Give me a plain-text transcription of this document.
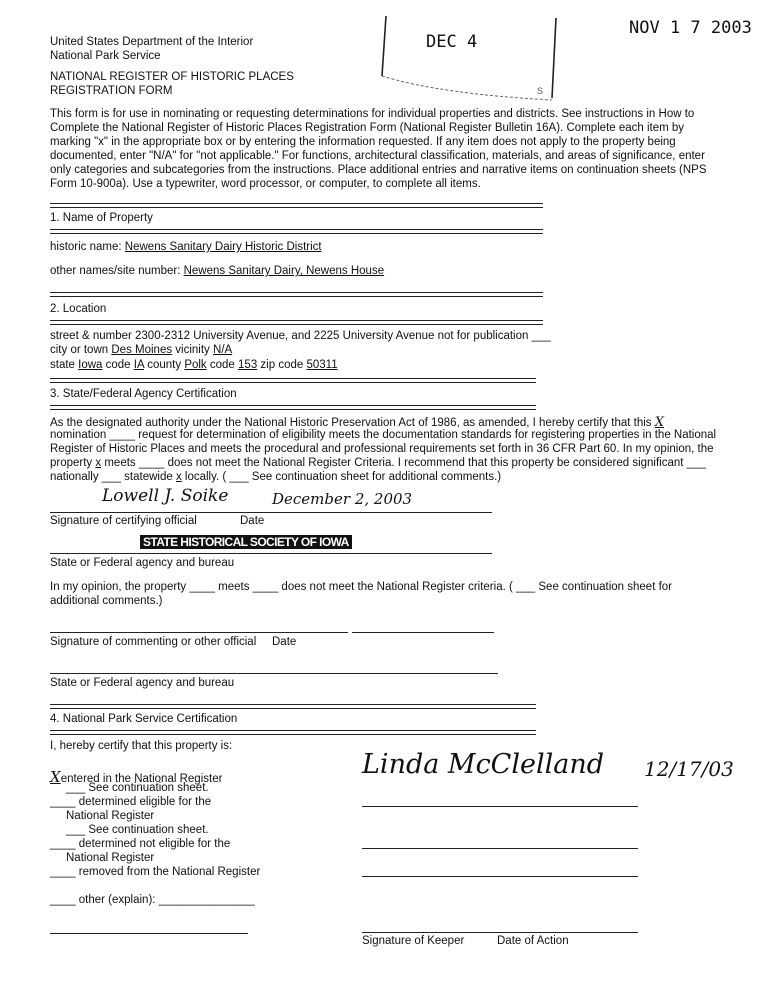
United States Department of the Interior
National Park Service
NATIONAL REGISTER OF HISTORIC PLACES
REGISTRATION FORM
DEC 4
S
NOV 1 7 2003
This form is for use in nominating or requesting determinations for individual properties and districts. See instructions in How to Complete the National Register of Historic Places Registration Form (National Register Bulletin 16A). Complete each item by marking "x" in the appropriate box or by entering the information requested. If any item does not apply to the property being documented, enter "N/A" for "not applicable." For functions, architectural classification, materials, and areas of significance, enter only categories and subcategories from the instructions. Place additional entries and narrative items on continuation sheets (NPS Form 10-900a). Use a typewriter, word processor, or computer, to complete all items.
1. Name of Property
historic name: Newens Sanitary Dairy Historic District
other names/site number: Newens Sanitary Dairy, Newens House
2. Location
street & number 2300-2312 University Avenue, and 2225 University Avenue not for publication ___
city or town Des Moines vicinity N/A
state Iowa code IA county Polk code 153 zip code 50311
3. State/Federal Agency Certification
As the designated authority under the National Historic Preservation Act of 1986, as amended, I hereby certify that this X
nomination ____ request for determination of eligibility meets the documentation standards for registering properties in the National
Register of Historic Places and meets the procedural and professional requirements set forth in 36 CFR Part 60. In my opinion, the
property x meets ____ does not meet the National Register Criteria. I recommend that this property be considered significant ___
nationally ___ statewide x locally. ( ___ See continuation sheet for additional comments.)
Lowell J. Soike	December 2, 2003
Signature of certifying official	Date
STATE HISTORICAL SOCIETY OF IOWA
State or Federal agency and bureau
In my opinion, the property ____ meets ____ does not meet the National Register criteria. ( ___ See continuation sheet for additional comments.)
Signature of commenting or other official Date
State or Federal agency and bureau
4. National Park Service Certification
I, hereby certify that this property is:
Xentered in the National Register
___ See continuation sheet.
____ determined eligible for the
National Register
___ See continuation sheet.
____ determined not eligible for the
National Register
____ removed from the National Register
____ other (explain): _______________
Linda McClelland 12/17/03
Signature of Keeper	Date of Action
